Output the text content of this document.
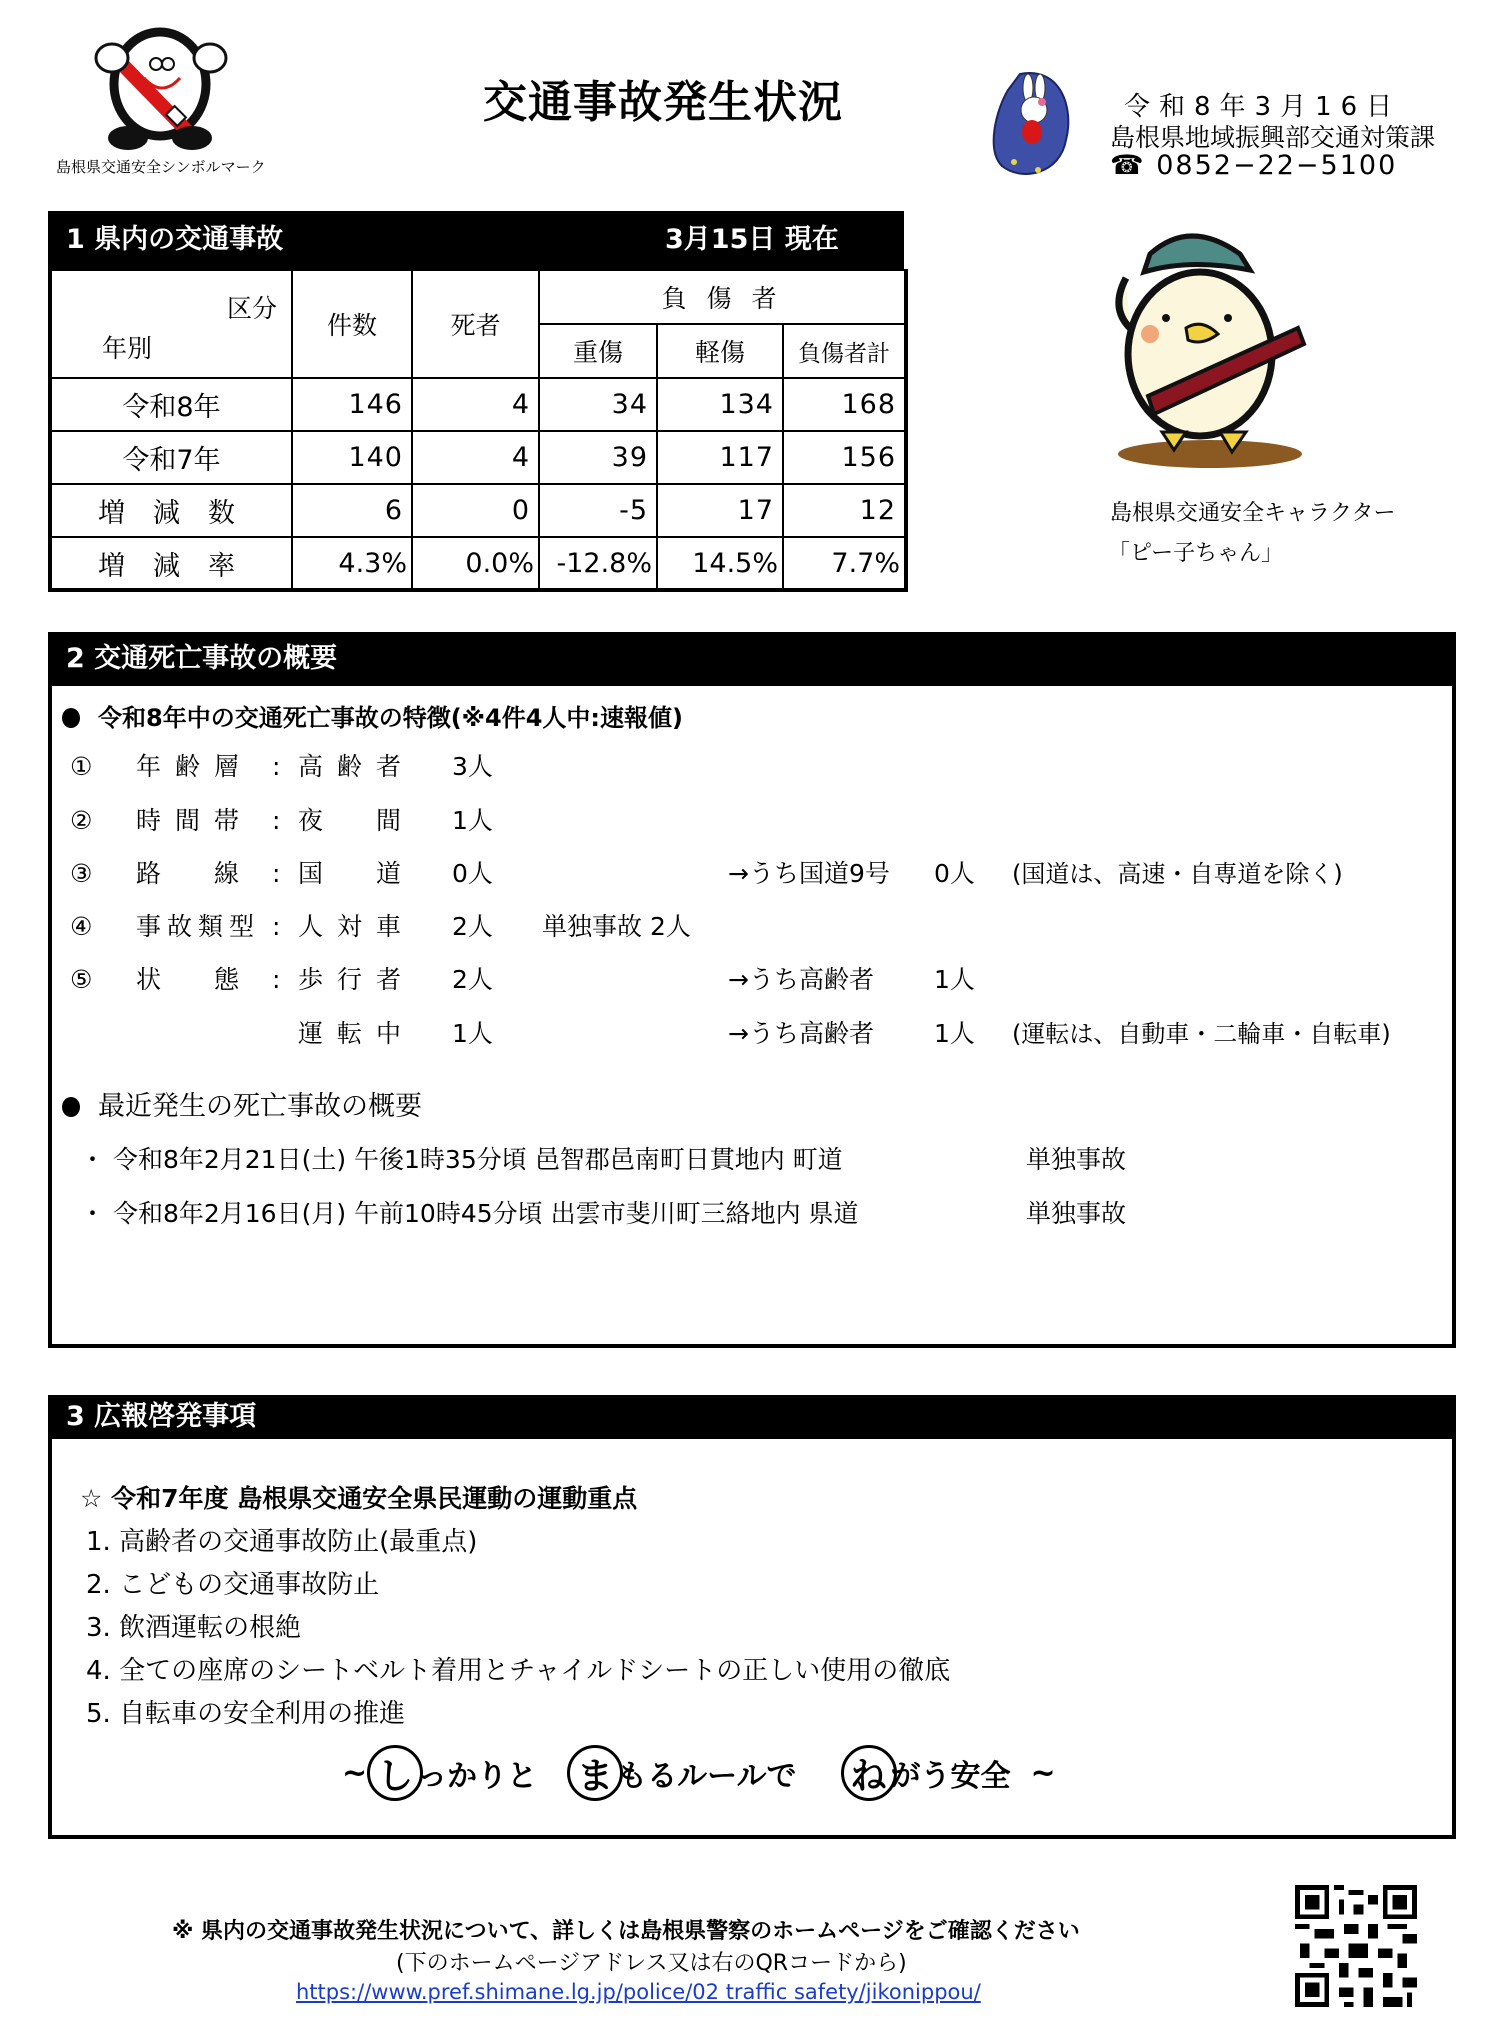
島根県交通安全シンボルマーク
交通事故発生状況	令和8年3月16日
島根県地域振興部交通対策課
☎ 0852−22−5100
1 県内の交通事故	3月15日 現在
区分
年別	件数	死者	負 傷 者		
			重傷	軽傷	負傷者計
令和8年	146	4	34	134	168
令和7年	140	4	39	117	156
増減数	6	0	-5	17	12
増減率	4.3%	0.0%	-12.8%	14.5%	7.7%
島根県交通安全キャラクター
「ピー子ちゃん」
2 交通死亡事故の概要
令和8年中の交通死亡事故の特徴(※4件4人中:速報値)
① 年齢層 : 高齢者 3人
② 時間帯 : 夜　間 1人
③ 路　線 : 国　道 0人	→うち国道9号 0人 (国道は、高速・自専道を除く)
④ 事故類型 : 人対車 2人 単独事故 2人
⑤ 状　態 : 歩行者 2人	→うち高齢者 1人
運転中 1人	→うち高齢者 1人 (運転は、自動車・二輪車・自転車)
最近発生の死亡事故の概要
・ 令和8年2月21日(土) 午後1時35分頃 邑智郡邑南町日貫地内 町道	単独事故
・ 令和8年2月16日(月) 午前10時45分頃 出雲市斐川町三絡地内 県道	単独事故
3 広報啓発事項
☆ 令和7年度 島根県交通安全県民運動の運動重点
1. 高齢者の交通事故防止(最重点)
2. こどもの交通事故防止
3. 飲酒運転の根絶
4. 全ての座席のシートベルト着用とチャイルドシートの正しい使用の徹底
5. 自転車の安全利用の推進
~ し っかりと ま もるルールで ね がう安全 ~
※ 県内の交通事故発生状況について、詳しくは島根県警察のホームページをご確認ください
(下のホームページアドレス又は右のQRコードから)
https://www.pref.shimane.lg.jp/police/02 traffic safety/jikonippou/
